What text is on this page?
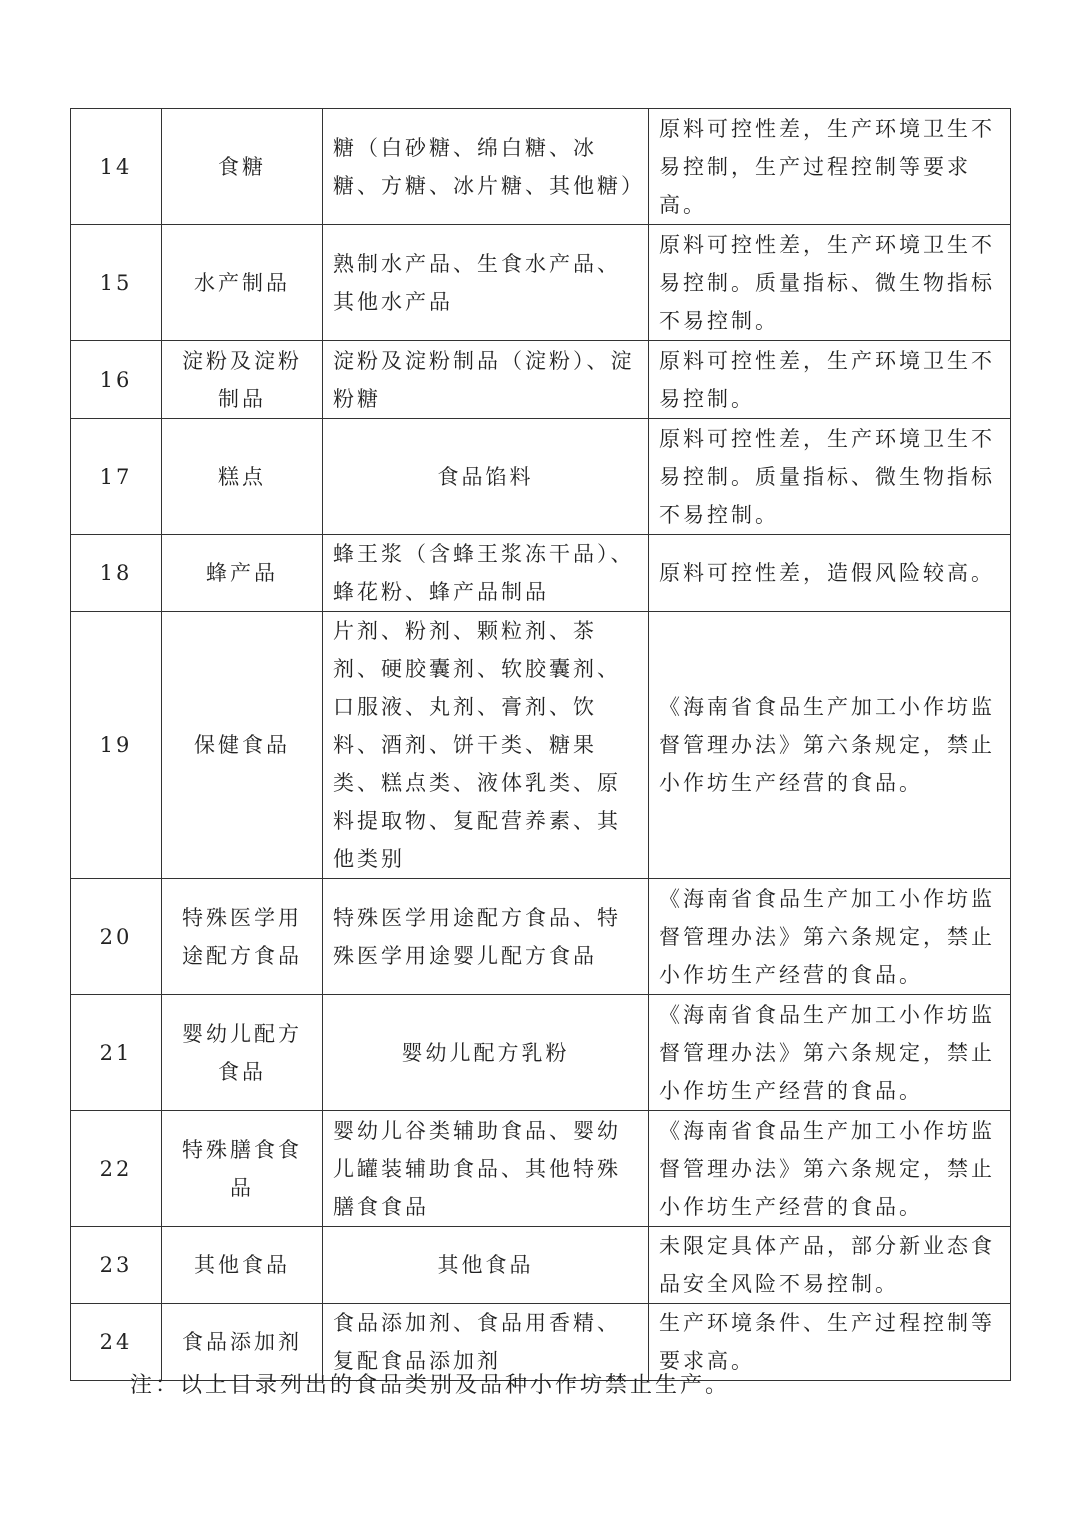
14	食糖	糖（白砂糖、绵白糖、冰糖、方糖、冰片糖、其他糖）	原料可控性差，生产环境卫生不易控制，生产过程控制等要求高。
15	水产制品	熟制水产品、生食水产品、其他水产品	原料可控性差，生产环境卫生不易控制。质量指标、微生物指标不易控制。
16	淀粉及淀粉制品	淀粉及淀粉制品（淀粉）、淀粉糖	原料可控性差，生产环境卫生不易控制。
17	糕点	食品馅料	原料可控性差，生产环境卫生不易控制。质量指标、微生物指标不易控制。
18	蜂产品	蜂王浆（含蜂王浆冻干品）、蜂花粉、蜂产品制品	原料可控性差，造假风险较高。
19	保健食品	片剂、粉剂、颗粒剂、茶剂、硬胶囊剂、软胶囊剂、口服液、丸剂、膏剂、饮料、酒剂、饼干类、糖果类、糕点类、液体乳类、原料提取物、复配营养素、其他类别	《海南省食品生产加工小作坊监督管理办法》第六条规定，禁止小作坊生产经营的食品。
20	特殊医学用途配方食品	特殊医学用途配方食品、特殊医学用途婴儿配方食品	《海南省食品生产加工小作坊监督管理办法》第六条规定，禁止小作坊生产经营的食品。
21	婴幼儿配方食品	婴幼儿配方乳粉	《海南省食品生产加工小作坊监督管理办法》第六条规定，禁止小作坊生产经营的食品。
22	特殊膳食食品	婴幼儿谷类辅助食品、婴幼儿罐装辅助食品、其他特殊膳食食品	《海南省食品生产加工小作坊监督管理办法》第六条规定，禁止小作坊生产经营的食品。
23	其他食品	其他食品	未限定具体产品，部分新业态食品安全风险不易控制。
24	食品添加剂	食品添加剂、食品用香精、复配食品添加剂	生产环境条件、生产过程控制等要求高。
注：以上目录列出的食品类别及品种小作坊禁止生产。
